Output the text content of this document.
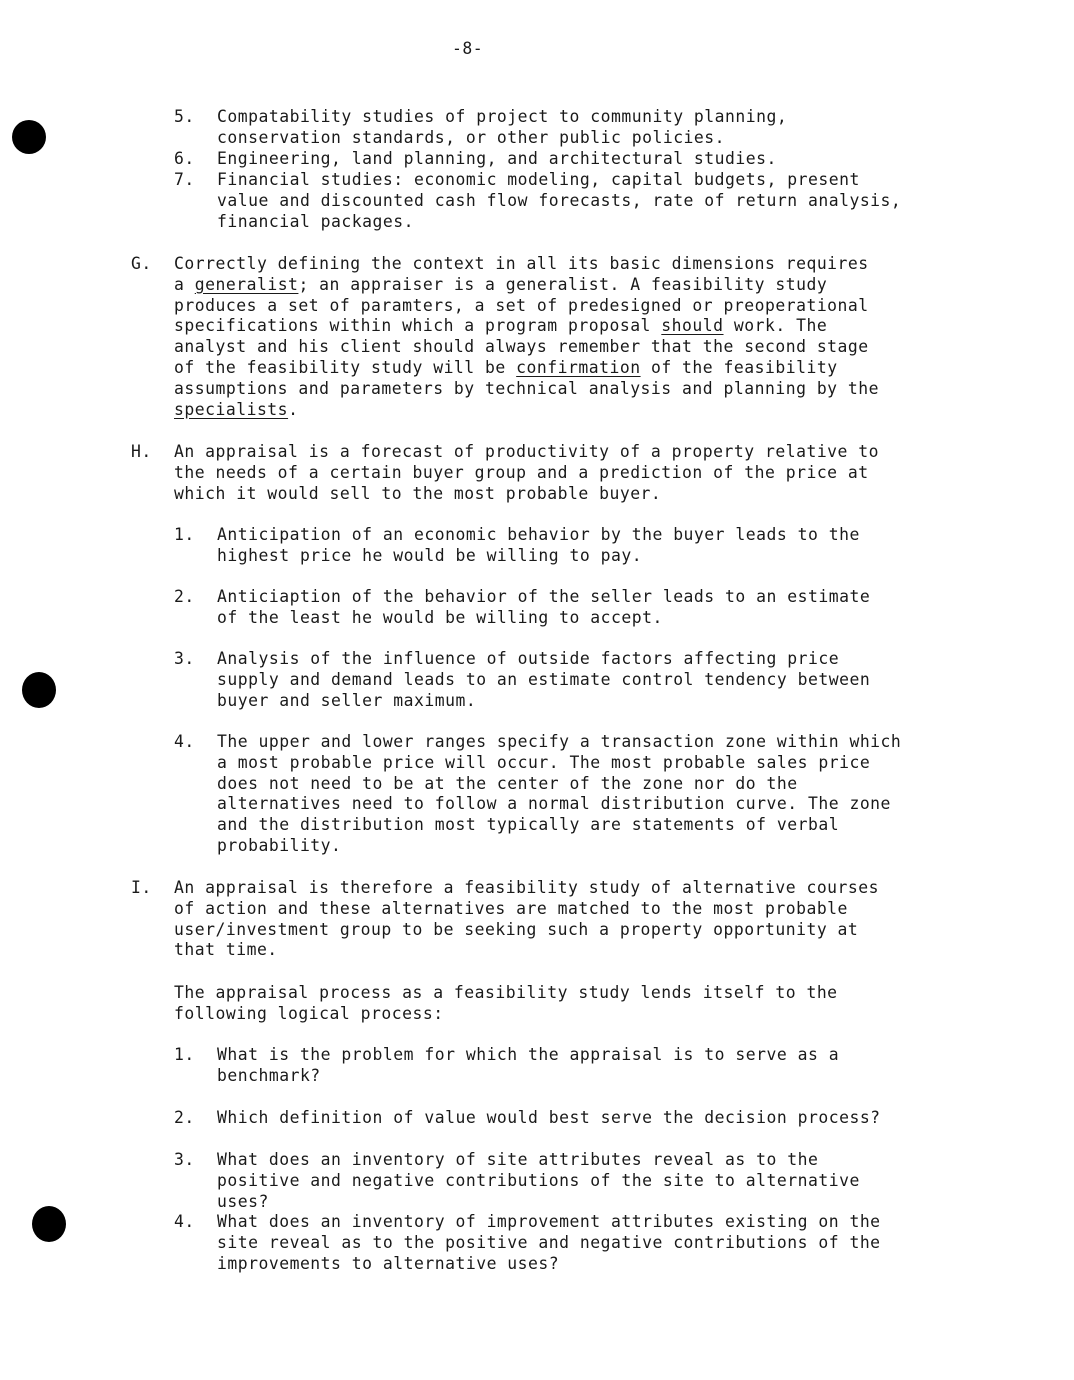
-8-
5.	Compatability studies of project to community planning, conservation standards, or other public policies.
6.	Engineering, land planning, and architectural studies.
7.	Financial studies: economic modeling, capital budgets, present value and discounted cash flow forecasts, rate of return analysis, financial packages.
G.	Correctly defining the context in all its basic dimensions requires a generalist; an appraiser is a generalist. A feasibility study produces a set of paramters, a set of predesigned or preoperational specifications within which a program proposal should work. The analyst and his client should always remember that the second stage of the feasibility study will be confirmation of the feasibility assumptions and parameters by technical analysis and planning by the specialists.
H.	An appraisal is a forecast of productivity of a property relative to the needs of a certain buyer group and a prediction of the price at which it would sell to the most probable buyer.
1.	Anticipation of an economic behavior by the buyer leads to the highest price he would be willing to pay.
2.	Anticiaption of the behavior of the seller leads to an estimate of the least he would be willing to accept.
3.	Analysis of the influence of outside factors affecting price supply and demand leads to an estimate control tendency between buyer and seller maximum.
4.	The upper and lower ranges specify a transaction zone within which a most probable price will occur. The most probable sales price does not need to be at the center of the zone nor do the alternatives need to follow a normal distribution curve. The zone and the distribution most typically are statements of verbal probability.
I.	An appraisal is therefore a feasibility study of alternative courses of action and these alternatives are matched to the most probable user/investment group to be seeking such a property opportunity at that time.
The appraisal process as a feasibility study lends itself to the following logical process:
1.	What is the problem for which the appraisal is to serve as a benchmark?
2.	Which definition of value would best serve the decision process?
3.	What does an inventory of site attributes reveal as to the positive and negative contributions of the site to alternative uses?
4.	What does an inventory of improvement attributes existing on the site reveal as to the positive and negative contributions of the improvements to alternative uses?
